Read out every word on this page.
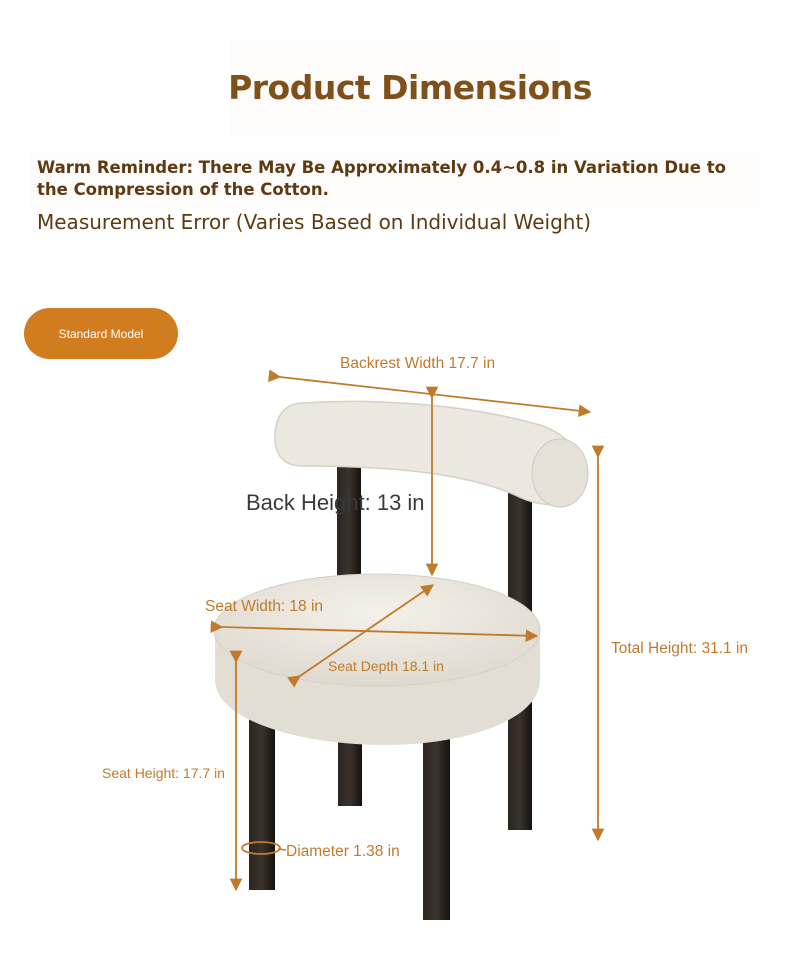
Product Dimensions
Warm Reminder: There May Be Approximately 0.4~0.8 in Variation Due to the Compression of the Cotton.
Measurement Error (Varies Based on Individual Weight)
Standard Model
Backrest Width 17.7 in
Back Height: 13 in
Seat Width: 18 in
Seat Depth 18.1 in
Total Height: 31.1 in
Seat Height: 17.7 in
Diameter 1.38 in
